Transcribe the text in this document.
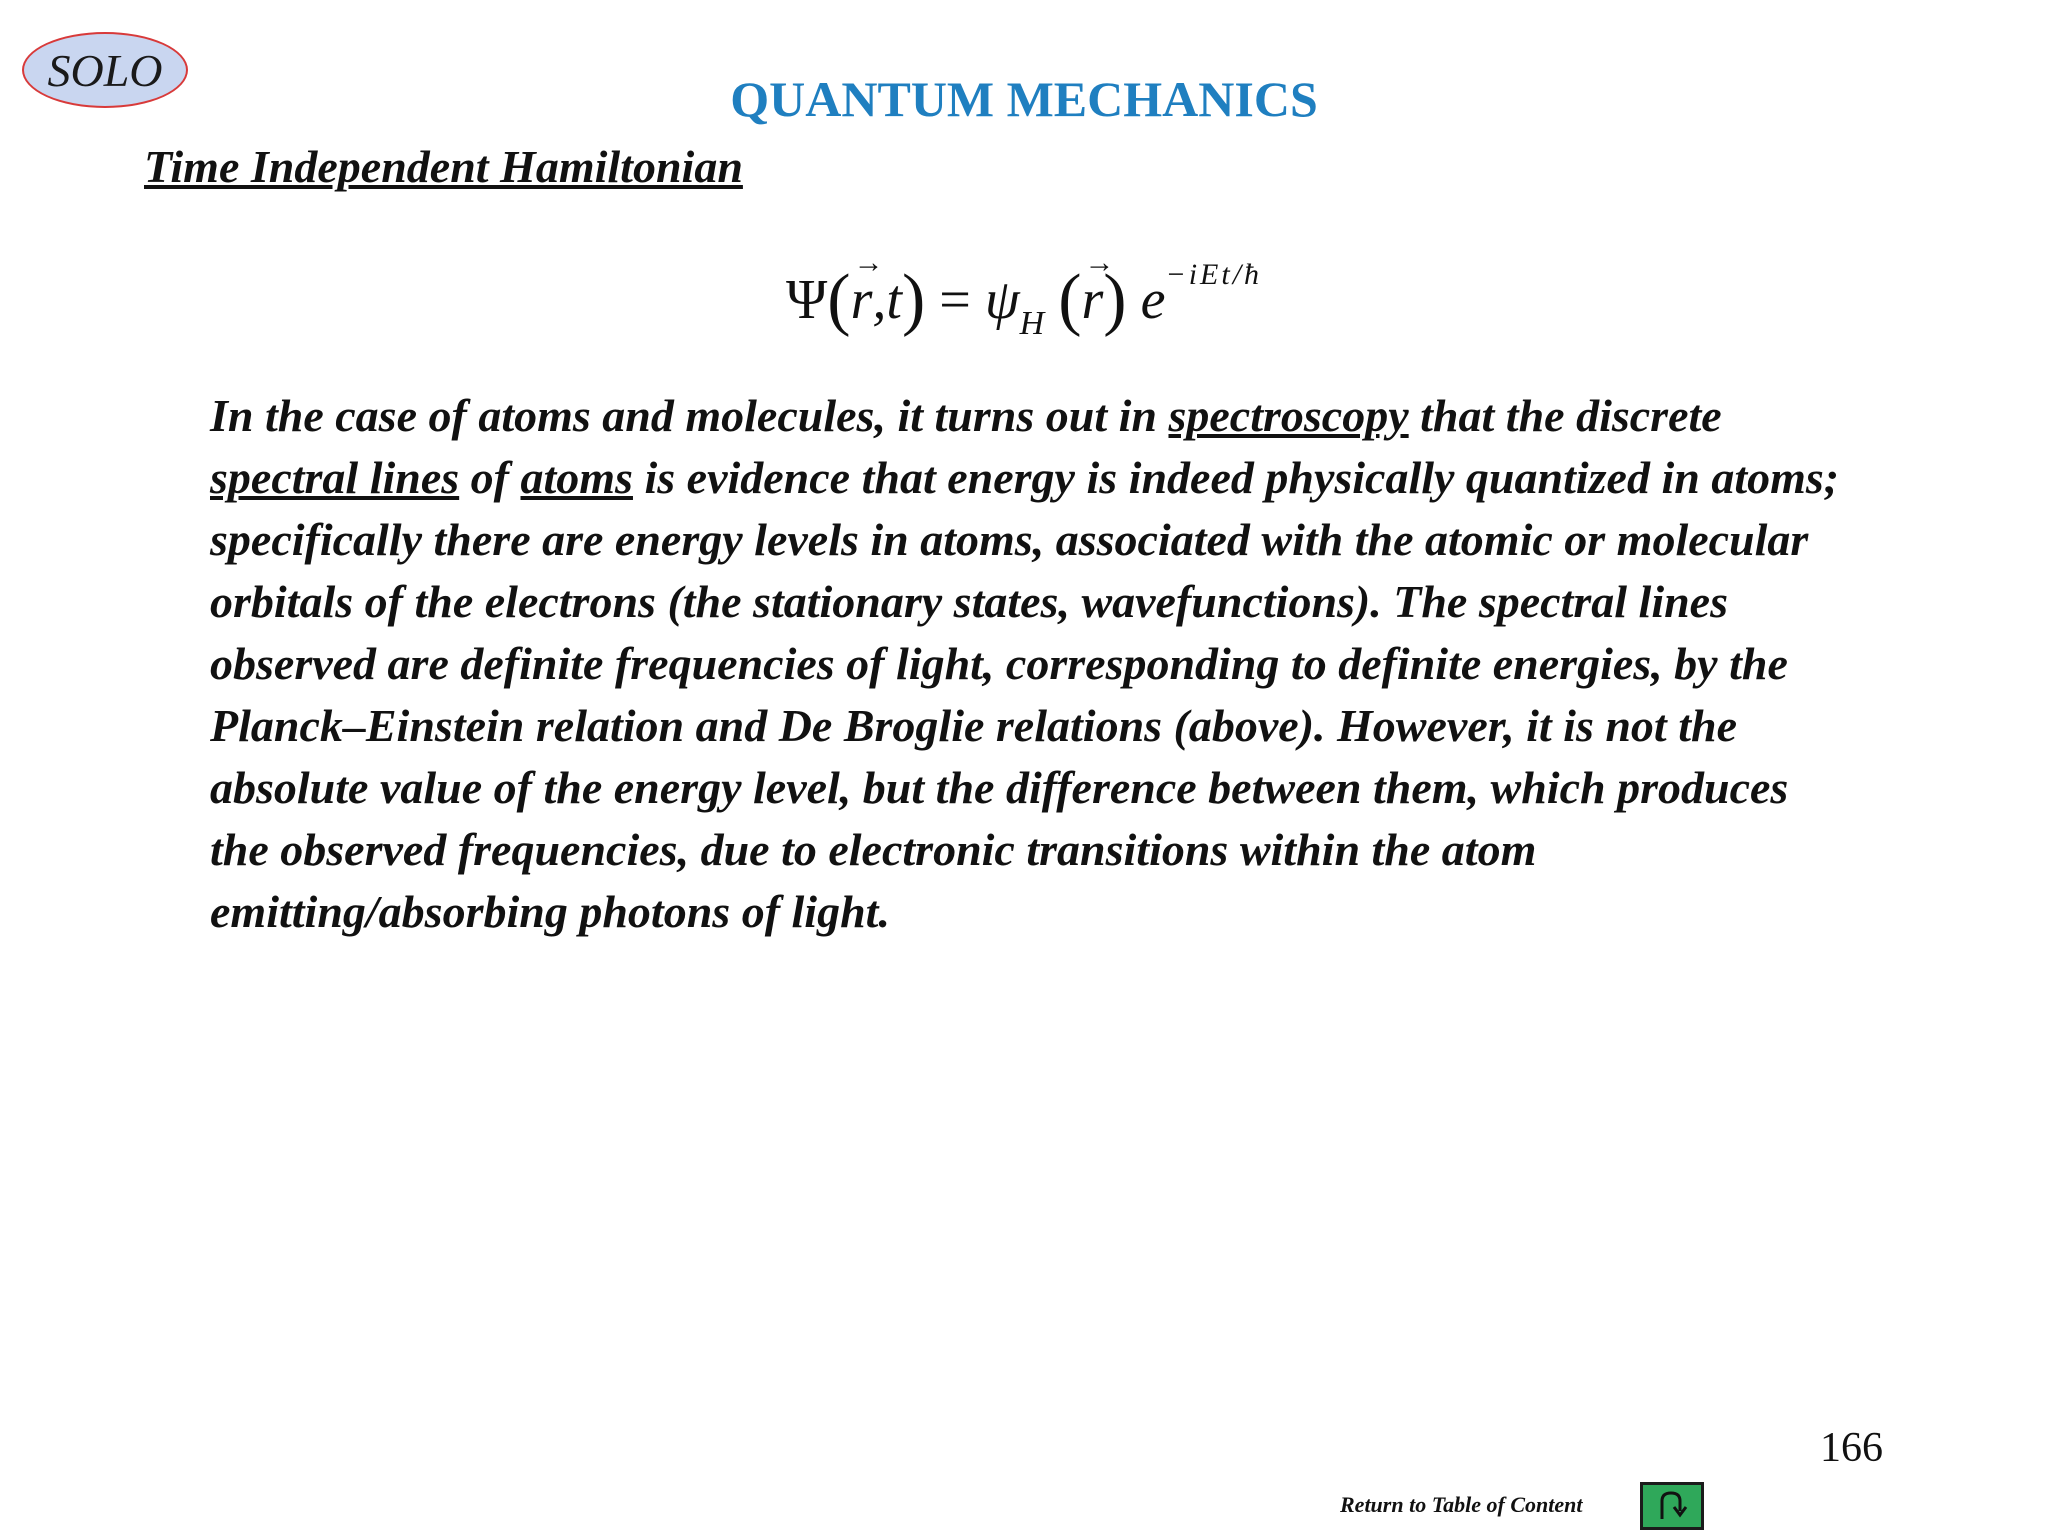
SOLO
QUANTUM MECHANICS
Time Independent Hamiltonian
$\Psi(\to r,t) = \psi_H$ (→ r) $e^{-iEt/ħ}$
In the case of atoms and molecules, it turns out in spectroscopy that the discrete spectral lines of atoms is evidence that energy is indeed physically quantized in atoms; specifically there are energy levels in atoms, associated with the atomic or molecular orbitals of the electrons (the stationary states, wavefunctions). The spectral lines observed are definite frequencies of light, corresponding to definite energies, by the Planck–Einstein relation and De Broglie relations (above). However, it is not the absolute value of the energy level, but the difference between them, which produces the observed frequencies, due to electronic transitions within the atom emitting/absorbing photons of light.
166
Return to Table of Content
